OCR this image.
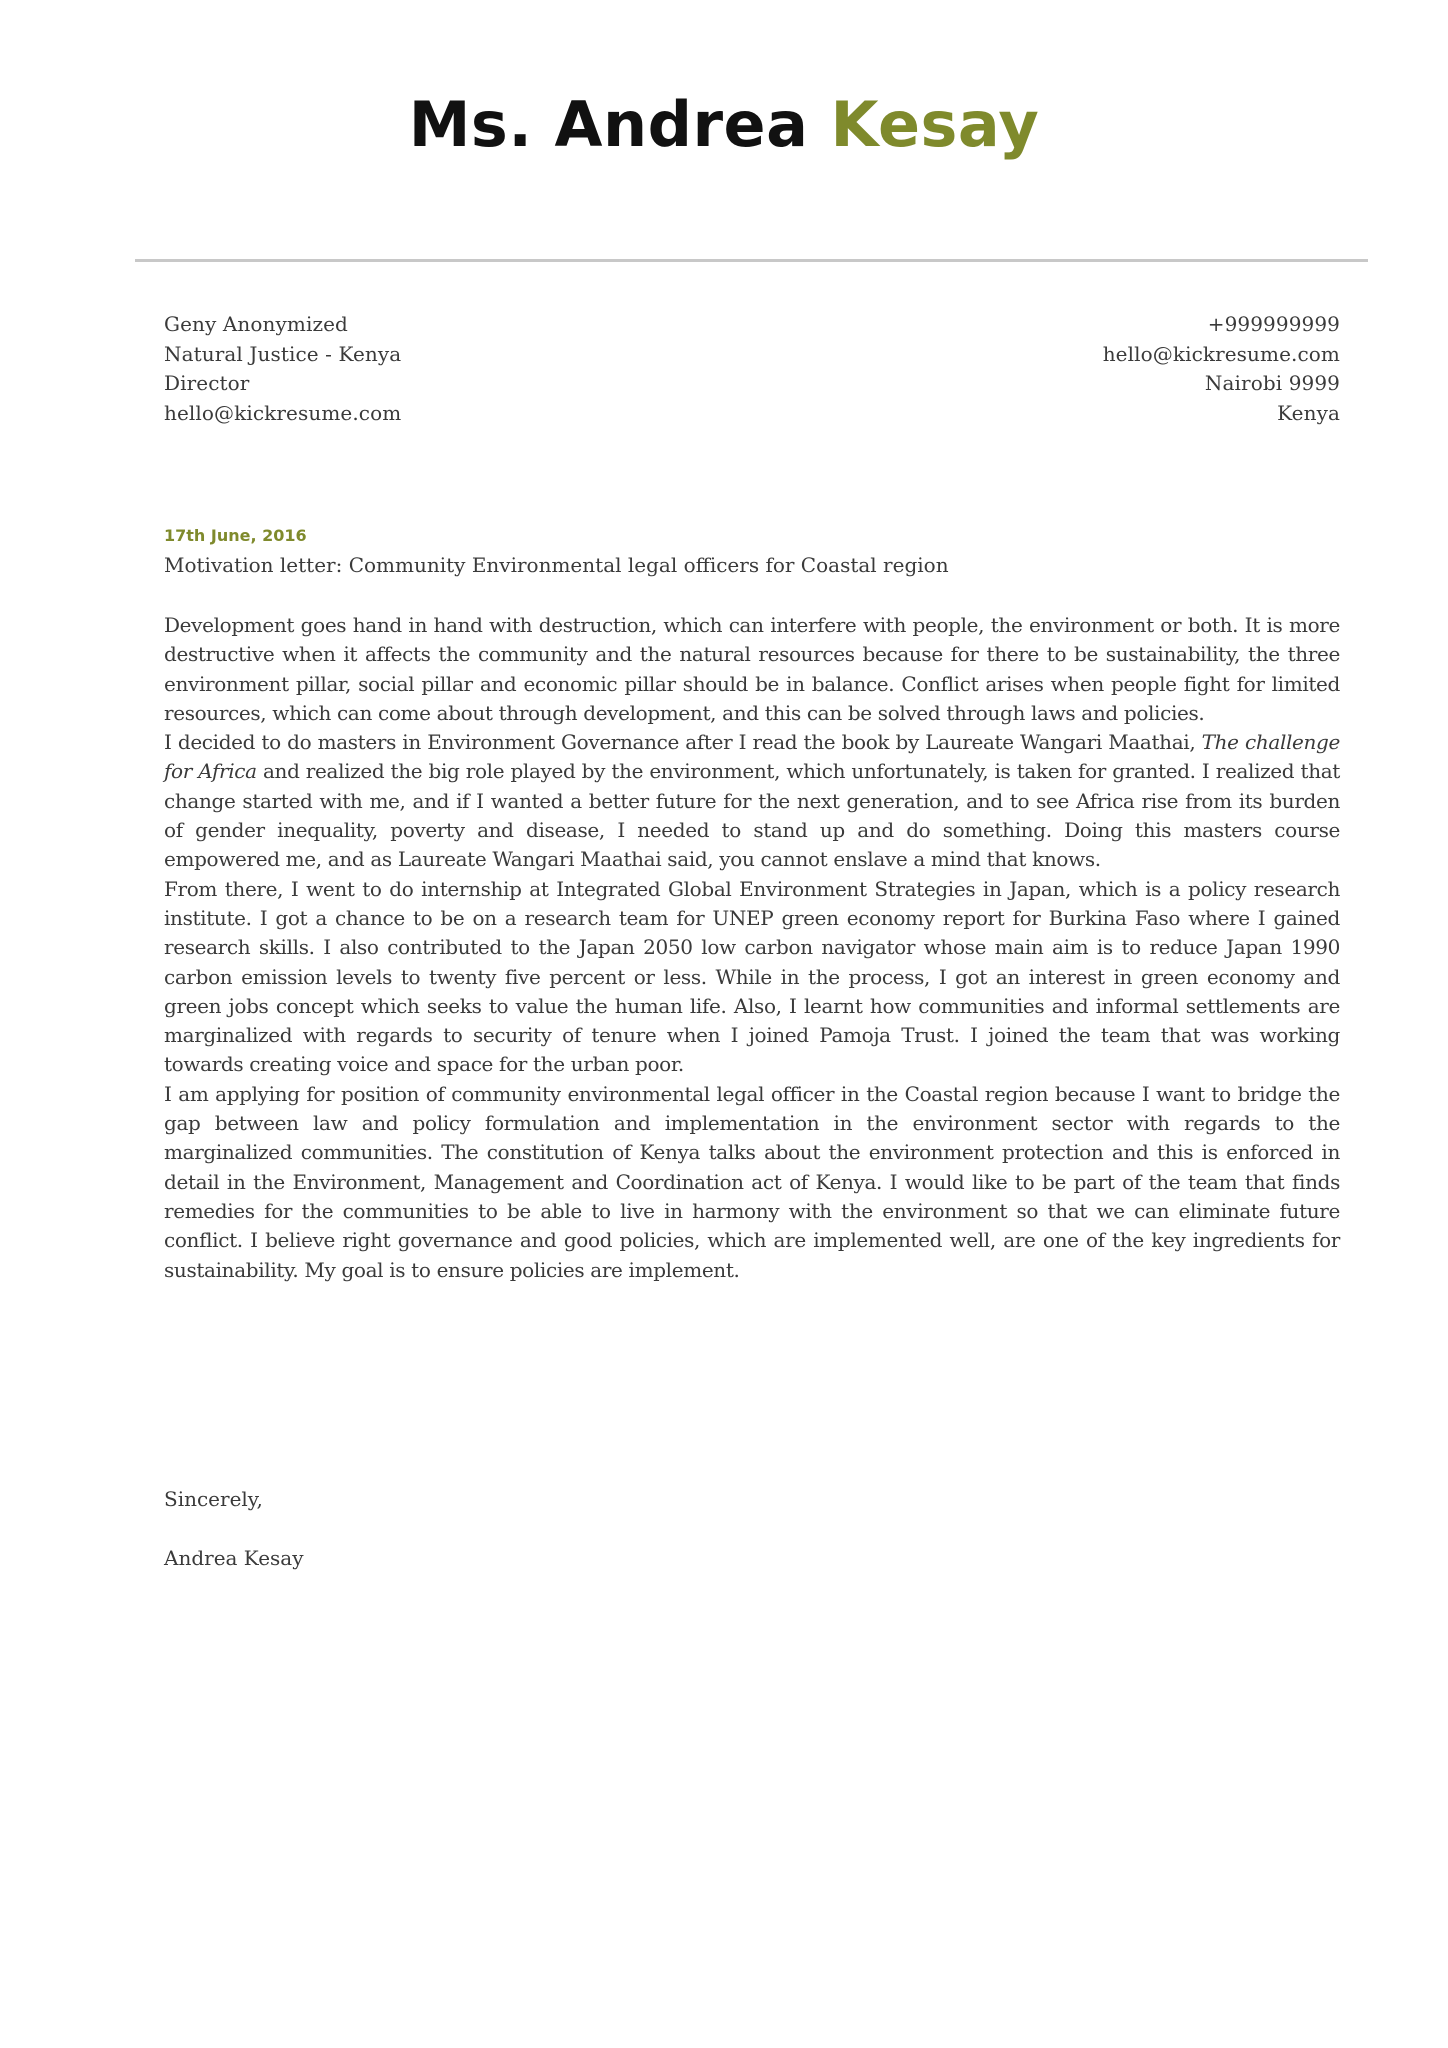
Ms. Andrea Kesay
Geny Anonymized
Natural Justice - Kenya
Director
hello@kickresume.com
+999999999
hello@kickresume.com
Nairobi 9999
Kenya
17th June, 2016
Motivation letter: Community Environmental legal officers for Coastal region

Development goes hand in hand with destruction, which can interfere with people, the environment or both. It is more destructive when it affects the community and the natural resources because for there to be sustainability, the three environment pillar, social pillar and economic pillar should be in balance. Conflict arises when people fight for limited resources, which can come about through development, and this can be solved through laws and policies.

I decided to do masters in Environment Governance after I read the book by Laureate Wangari Maathai, The challenge for Africa and realized the big role played by the environment, which unfortunately, is taken for granted. I realized that change started with me, and if I wanted a better future for the next generation, and to see Africa rise from its burden of gender inequality, poverty and disease, I needed to stand up and do something. Doing this masters course empowered me, and as Laureate Wangari Maathai said, you cannot enslave a mind that knows.

From there, I went to do internship at Integrated Global Environment Strategies in Japan, which is a policy research institute. I got a chance to be on a research team for UNEP green economy report for Burkina Faso where I gained research skills. I also contributed to the Japan 2050 low carbon navigator whose main aim is to reduce Japan 1990 carbon emission levels to twenty five percent or less. While in the process, I got an interest in green economy and green jobs concept which seeks to value the human life. Also, I learnt how communities and informal settlements are marginalized with regards to security of tenure when I joined Pamoja Trust. I joined the team that was working towards creating voice and space for the urban poor.

I am applying for position of community environmental legal officer in the Coastal region because I want to bridge the gap between law and policy formulation and implementation in the environment sector with regards to the marginalized communities. The constitution of Kenya talks about the environment protection and this is enforced in detail in the Environment, Management and Coordination act of Kenya. I would like to be part of the team that finds remedies for the communities to be able to live in harmony with the environment so that we can eliminate future conflict. I believe right governance and good policies, which are implemented well, are one of the key ingredients for sustainability. My goal is to ensure policies are implement.

Sincerely,
Andrea Kesay
